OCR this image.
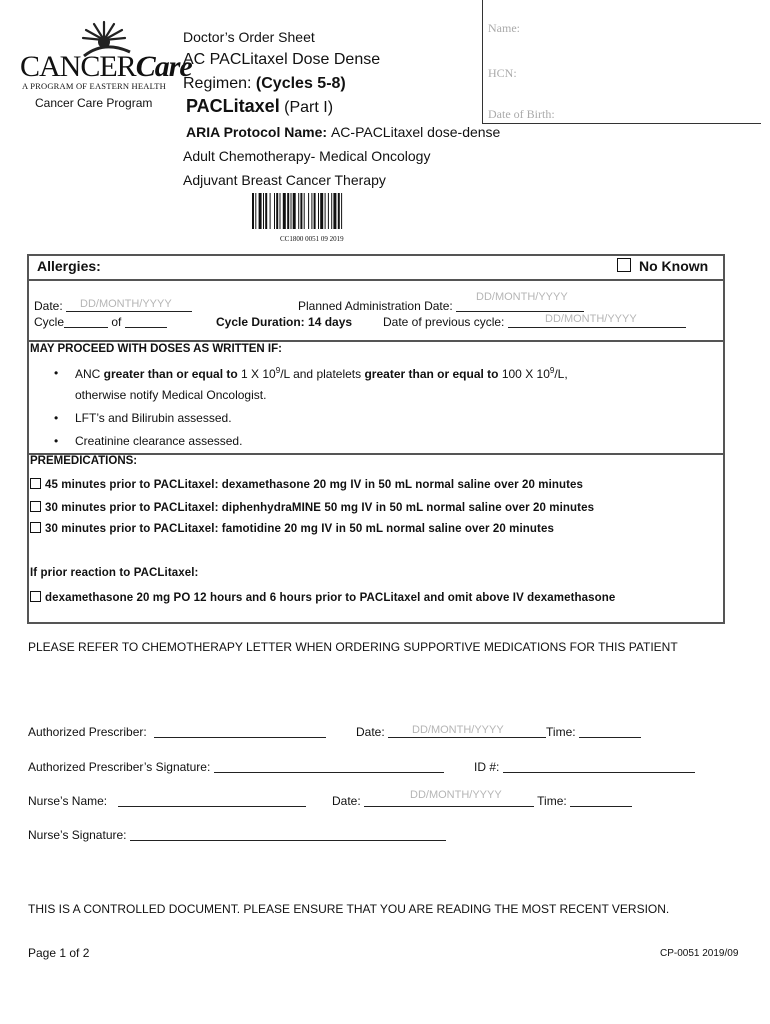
CANCERCare
A PROGRAM OF EASTERN HEALTH
Cancer Care Program
Doctor’s Order Sheet
AC PACLitaxel Dose Dense
Regimen: (Cycles 5-8)
PACLitaxel (Part I)
ARIA Protocol Name: AC-PACLitaxel dose-dense
Adult Chemotherapy- Medical Oncology
Adjuvant Breast Cancer Therapy
CC1800 0051 09 2019
Name:
HCN:
Date of Birth:
Allergies:	No Known
Date:	DD/MONTH/YYYY	Planned Administration Date:
DD/MONTH/YYYY
Cycle	of	Cycle Duration: 14 days	Date of previous cycle:	DD/MONTH/YYYY
MAY PROCEED WITH DOSES AS WRITTEN IF:
• ANC greater than or equal to 1 X $10^9/L$ and platelets greater than or equal to 100 X $10^9/L$,
otherwise notify Medical Oncologist.
• LFT’s and Bilirubin assessed.
• Creatinine clearance assessed.
PREMEDICATIONS:
45 minutes prior to PACLitaxel: dexamethasone 20 mg IV in 50 mL normal saline over 20 minutes
30 minutes prior to PACLitaxel: diphenhydraMINE 50 mg IV in 50 mL normal saline over 20 minutes
30 minutes prior to PACLitaxel: famotidine 20 mg IV in 50 mL normal saline over 20 minutes
If prior reaction to PACLitaxel:
dexamethasone 20 mg PO 12 hours and 6 hours prior to PACLitaxel and omit above IV dexamethasone
PLEASE REFER TO CHEMOTHERAPY LETTER WHEN ORDERING SUPPORTIVE MEDICATIONS FOR THIS PATIENT
Authorized Prescriber:	Date:	Time:
DD/MONTH/YYYY
Authorized Prescriber’s Signature:	ID #:
Nurse’s Name:	Date:	Time:
DD/MONTH/YYYY
Nurse’s Signature:
THIS IS A CONTROLLED DOCUMENT. PLEASE ENSURE THAT YOU ARE READING THE MOST RECENT VERSION.
Page 1 of 2	CP-0051 2019/09
